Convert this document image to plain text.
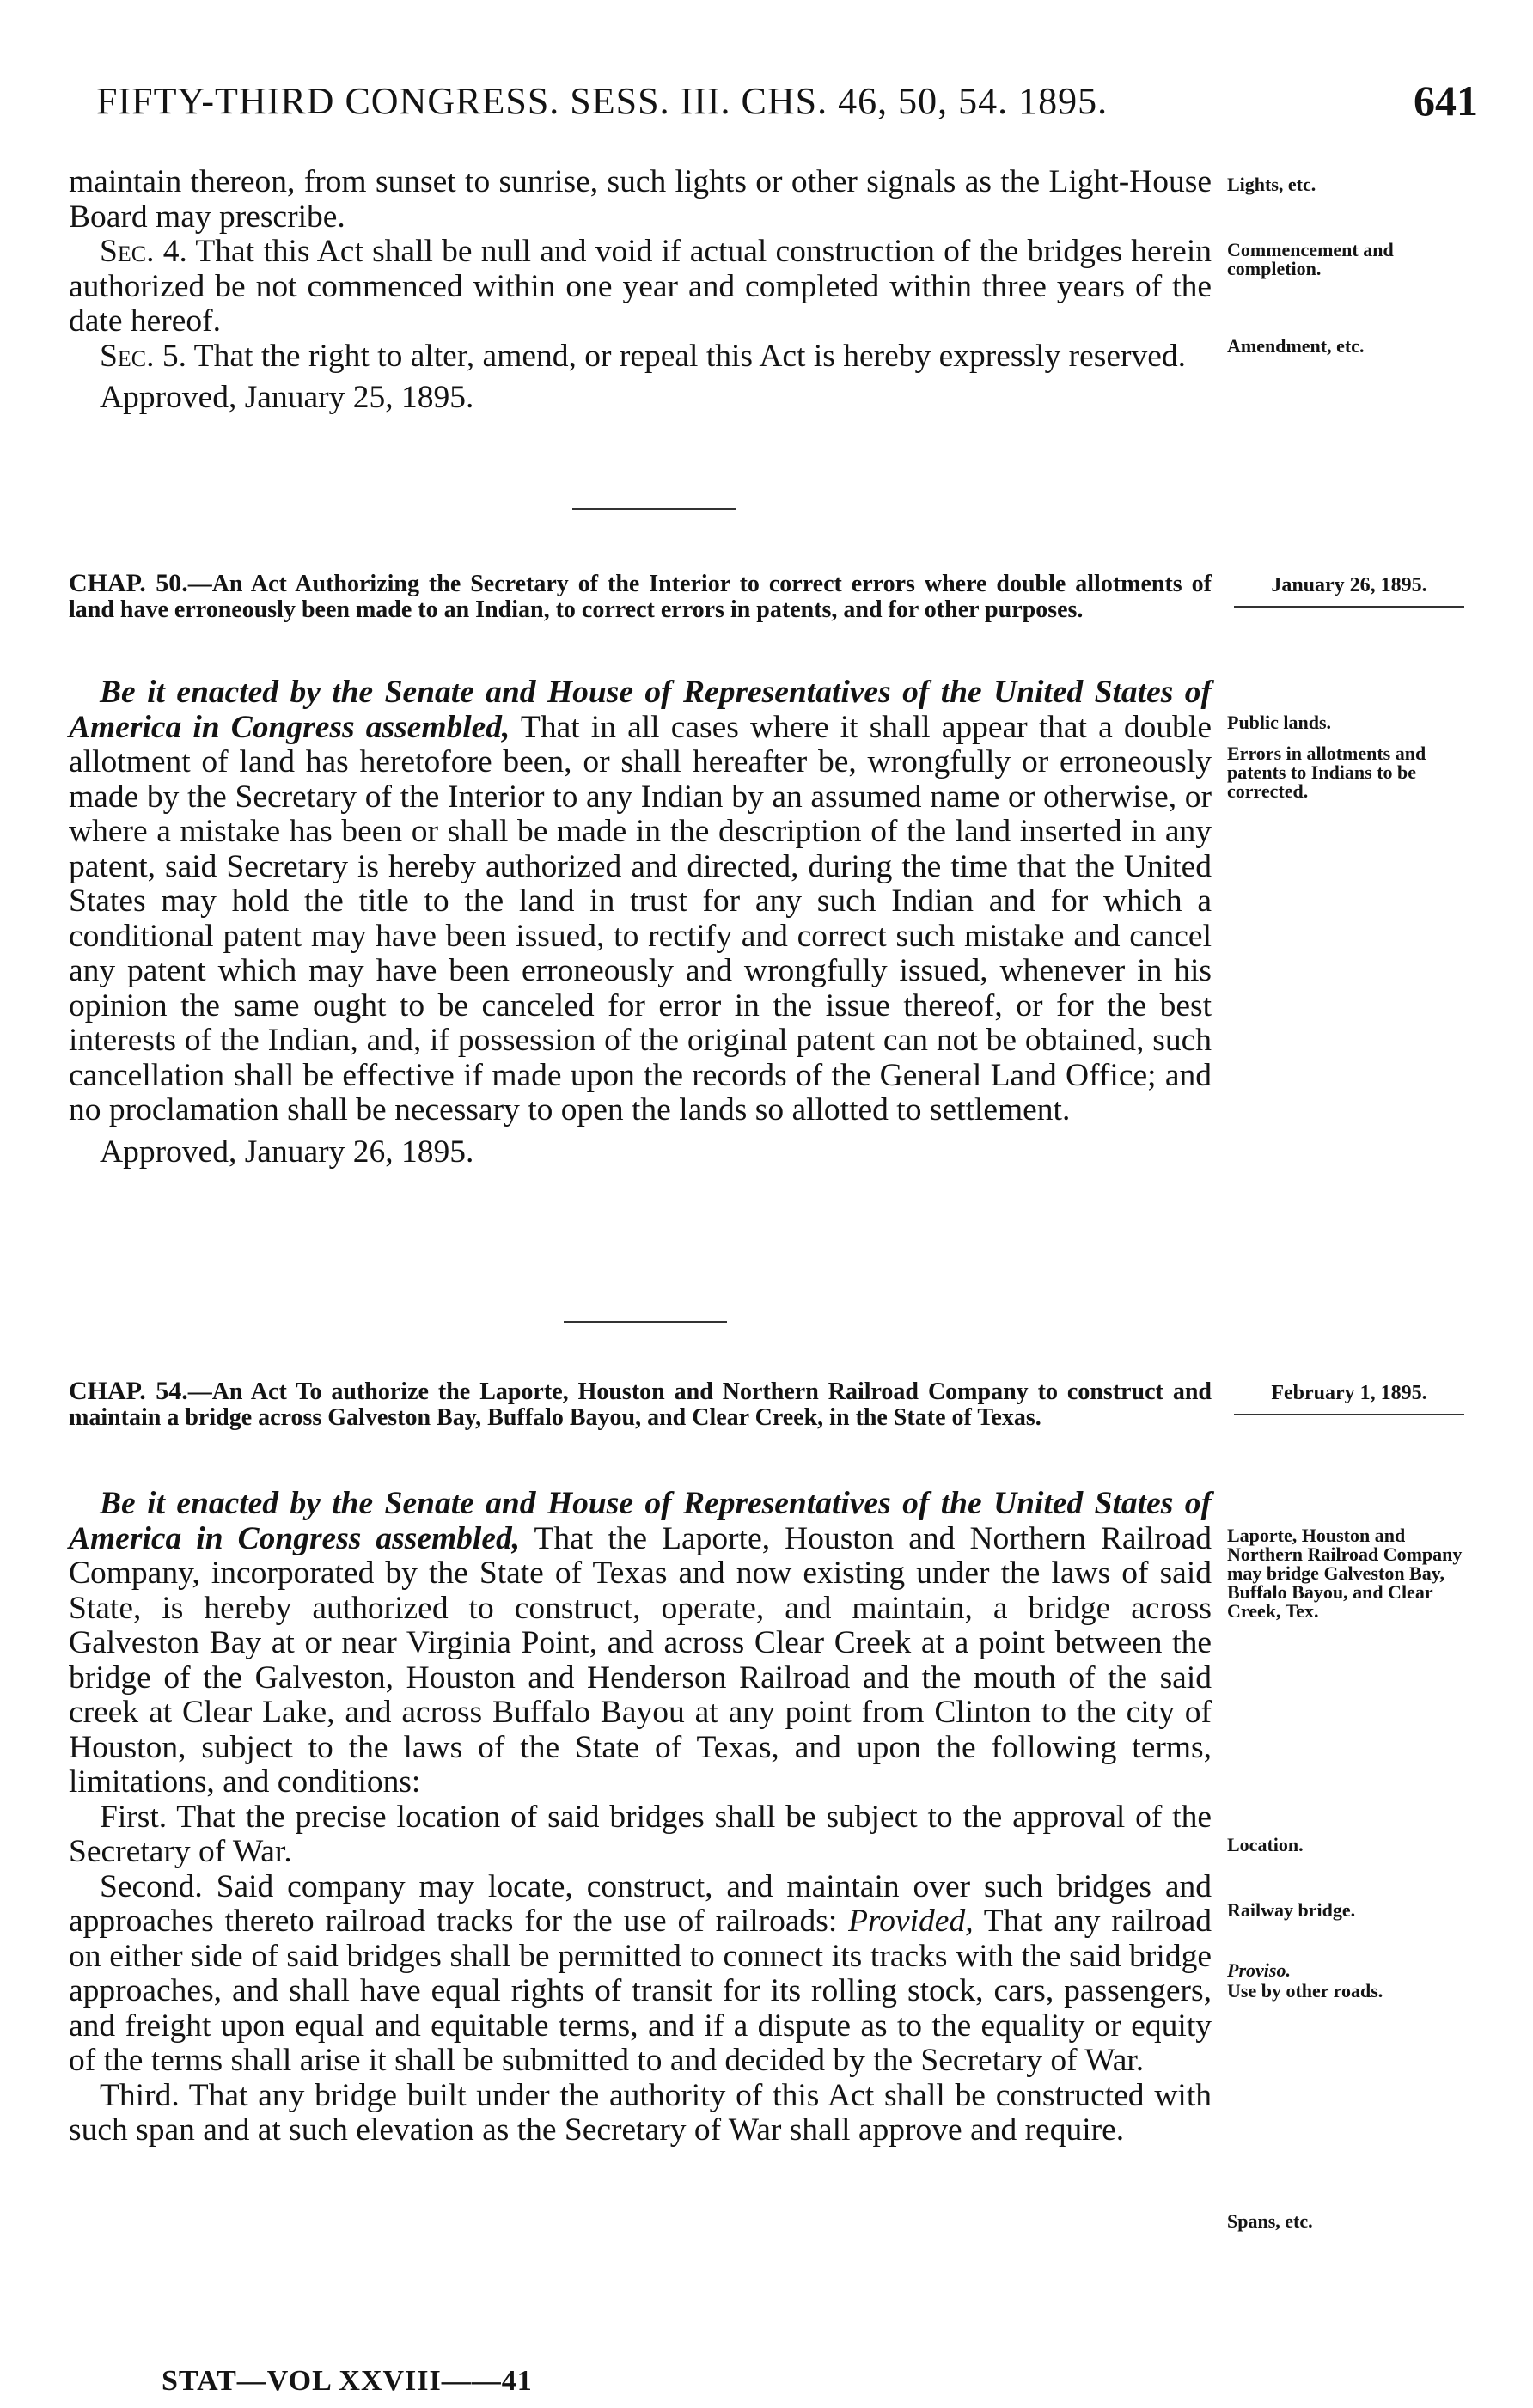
FIFTY-THIRD CONGRESS. SESS. III. CHS. 46, 50, 54. 1895.	641

maintain thereon, from sunset to sunrise, such lights or other signals as the Light-House Board may prescribe.

Sec. 4. That this Act shall be null and void if actual construction of the bridges herein authorized be not commenced within one year and completed within three years of the date hereof.

Sec. 5. That the right to alter, amend, or repeal this Act is hereby expressly reserved.

Approved, January 25, 1895.

Lights, etc.
Commencement and completion.
Amendment, etc.
CHAP. 50.—An Act Authorizing the Secretary of the Interior to correct errors where double allotments of land have erroneously been made to an Indian, to correct errors in patents, and for other purposes.
January 26, 1895.

Be it enacted by the Senate and House of Representatives of the United States of America in Congress assembled, That in all cases where it shall appear that a double allotment of land has heretofore been, or shall hereafter be, wrongfully or erroneously made by the Secretary of the Interior to any Indian by an assumed name or otherwise, or where a mistake has been or shall be made in the description of the land inserted in any patent, said Secretary is hereby authorized and directed, during the time that the United States may hold the title to the land in trust for any such Indian and for which a conditional patent may have been issued, to rectify and correct such mistake and cancel any patent which may have been erroneously and wrongfully issued, whenever in his opinion the same ought to be canceled for error in the issue thereof, or for the best interests of the Indian, and, if possession of the original patent can not be obtained, such cancellation shall be effective if made upon the records of the General Land Office; and no proclamation shall be necessary to open the lands so allotted to settlement.

Approved, January 26, 1895.

Public lands.
Errors in allotments and patents to Indians to be corrected.
CHAP. 54.—An Act To authorize the Laporte, Houston and Northern Railroad Company to construct and maintain a bridge across Galveston Bay, Buffalo Bayou, and Clear Creek, in the State of Texas.
February 1, 1895.

Be it enacted by the Senate and House of Representatives of the United States of America in Congress assembled, That the Laporte, Houston and Northern Railroad Company, incorporated by the State of Texas and now existing under the laws of said State, is hereby authorized to construct, operate, and maintain, a bridge across Galveston Bay at or near Virginia Point, and across Clear Creek at a point between the bridge of the Galveston, Houston and Henderson Railroad and the mouth of the said creek at Clear Lake, and across Buffalo Bayou at any point from Clinton to the city of Houston, subject to the laws of the State of Texas, and upon the following terms, limitations, and conditions:

First. That the precise location of said bridges shall be subject to the approval of the Secretary of War.

Second. Said company may locate, construct, and maintain over such bridges and approaches thereto railroad tracks for the use of railroads: Provided, That any railroad on either side of said bridges shall be permitted to connect its tracks with the said bridge approaches, and shall have equal rights of transit for its rolling stock, cars, passengers, and freight upon equal and equitable terms, and if a dispute as to the equality or equity of the terms shall arise it shall be submitted to and decided by the Secretary of War.

Third. That any bridge built under the authority of this Act shall be constructed with such span and at such elevation as the Secretary of War shall approve and require.

Laporte, Houston and Northern Railroad Company may bridge Galveston Bay, Buffalo Bayou, and Clear Creek, Tex.
Location.
Railway bridge.
Proviso.
Use by other roads.
Spans, etc.
STAT—VOL XXVIII——41
